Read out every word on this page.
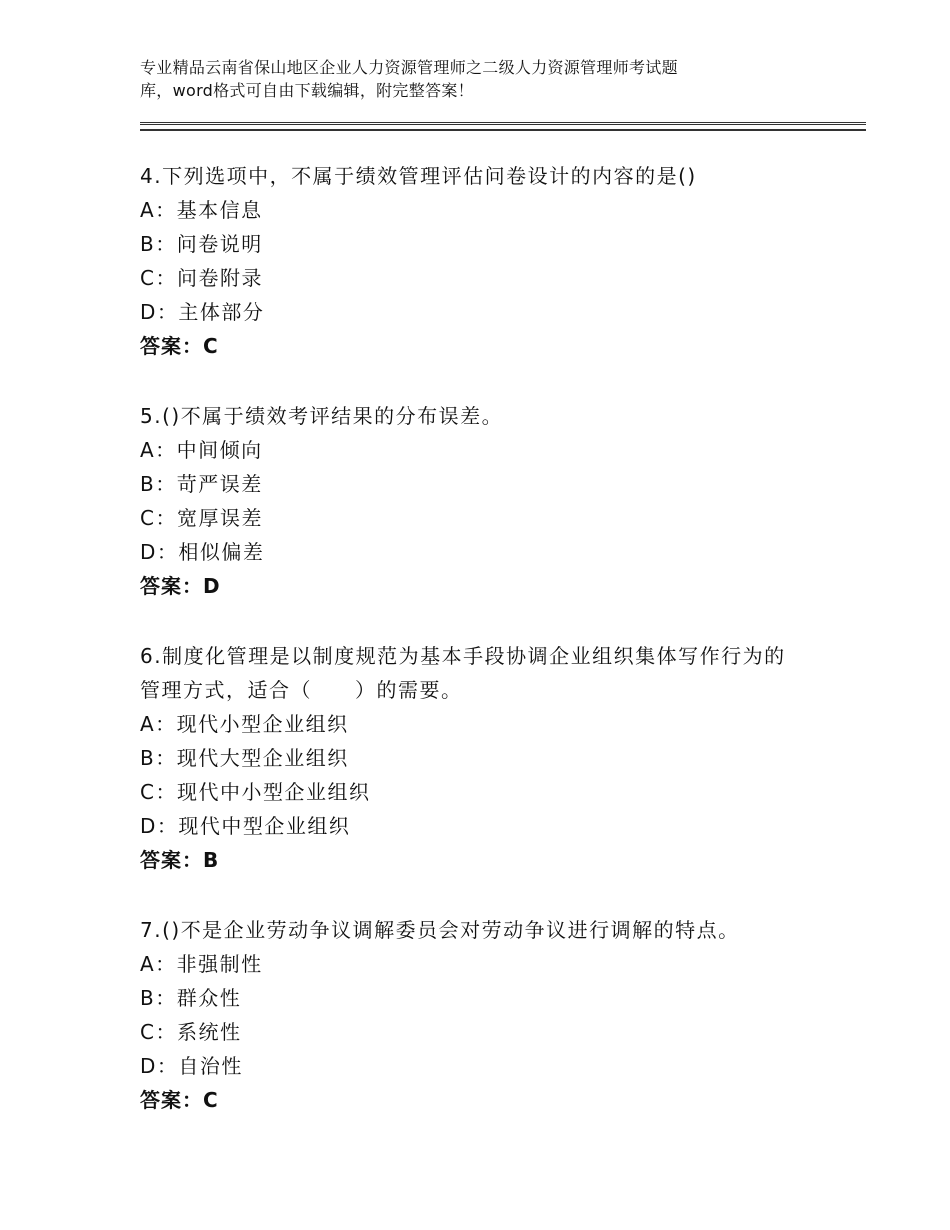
专业精品云南省保山地区企业人力资源管理师之二级人力资源管理师考试题
库，word格式可自由下载编辑，附完整答案！
4.下列选项中，不属于绩效管理评估问卷设计的内容的是()
A：基本信息
B：问卷说明
C：问卷附录
D：主体部分
答案：C
5.()不属于绩效考评结果的分布误差。
A：中间倾向
B：苛严误差
C：宽厚误差
D：相似偏差
答案：D
6.制度化管理是以制度规范为基本手段协调企业组织集体写作行为的
管理方式，适合（　　）的需要。
A：现代小型企业组织
B：现代大型企业组织
C：现代中小型企业组织
D：现代中型企业组织
答案：B
7.()不是企业劳动争议调解委员会对劳动争议进行调解的特点。
A：非强制性
B：群众性
C：系统性
D：自治性
答案：C
